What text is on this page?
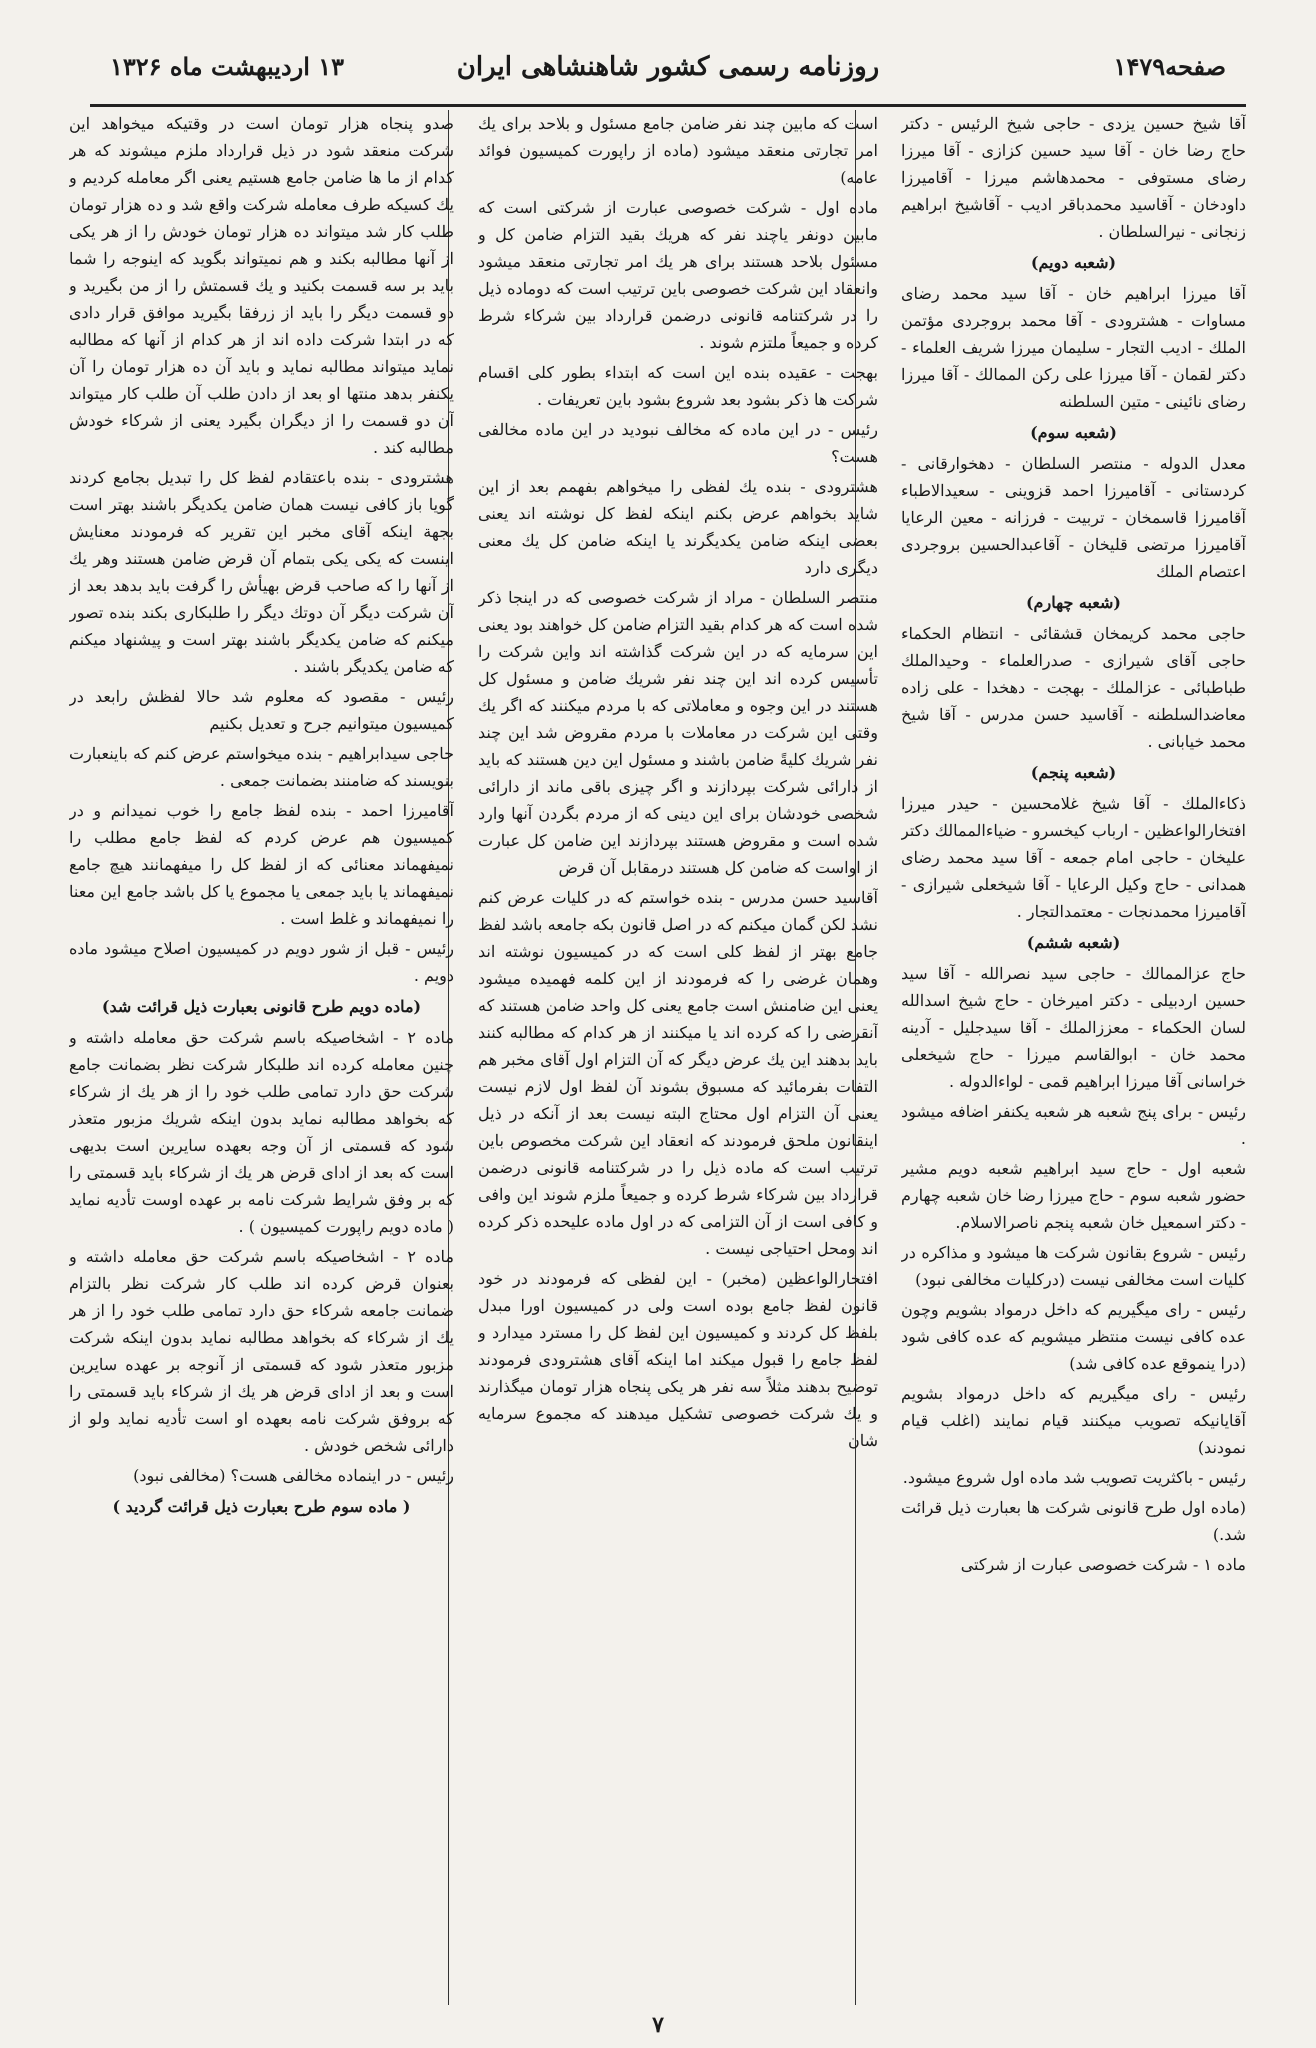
صفحه۱۴۷۹
روزنامه رسمی کشور شاهنشاهی ایران
۱۳ اردیبهشت ماه ۱۳۲۶

آقا شیخ حسین یزدی - حاجی شیخ الرئیس - دکتر حاج رضا خان - آقا سید حسین کزازی - آقا میرزا رضای مستوفی - محمدهاشم میرزا - آقامیرزا داودخان - آقاسید محمدباقر ادیب - آقاشیخ ابراهیم زنجانی - نیرالسلطان .

(شعبه دویم)

آقا میرزا ابراهیم خان - آقا سید محمد رضای مساوات - هشترودی - آقا محمد بروجردی مؤتمن الملك - ادیب التجار - سلیمان میرزا شریف العلماء - دکتر لقمان - آقا میرزا علی رکن الممالك - آقا میرزا رضای نائینی - متین السلطنه

(شعبه سوم)

معدل الدوله - منتصر السلطان - دهخوارقانی - کردستانی - آقامیرزا احمد قزوینی - سعیدالاطباء آقامیرزا قاسمخان - تربیت - فرزانه - معین الرعایا آقامیرزا مرتضی قلیخان - آقاعبدالحسین بروجردی اعتصام الملك

(شعبه چهارم)

حاجی محمد کریمخان قشقائی - انتظام الحکماء حاجی آقای شیرازی - صدرالعلماء - وحیدالملك طباطبائی - عزالملك - بهجت - دهخدا - علی زاده معاضدالسلطنه - آقاسید حسن مدرس - آقا شیخ محمد خیابانی .

(شعبه پنجم)

ذکاءالملك - آقا شیخ غلامحسین - حیدر میرزا افتخارالواعظین - ارباب کیخسرو - ضیاءالممالك دکتر علیخان - حاجی امام جمعه - آقا سید محمد رضای همدانی - حاج وکیل الرعایا - آقا شیخعلی شیرازی - آقامیرزا محمدنجات - معتمدالتجار .

(شعبه ششم)

حاج عزالممالك - حاجی سید نصرالله - آقا سید حسین اردبیلی - دکتر امیرخان - حاج شیخ اسدالله لسان الحکماء - معززالملك - آقا سیدجلیل - آدینه محمد خان - ابوالقاسم میرزا - حاج شیخعلی خراسانی آقا میرزا ابراهیم قمی - لواءالدوله .

رئیس - برای پنج شعبه هر شعبه یکنفر اضافه میشود .

شعبه اول - حاج سید ابراهیم شعبه دویم مشیر حضور شعبه سوم - حاج میرزا رضا خان شعبه چهارم - دکتر اسمعیل خان شعبه پنجم ناصرالاسلام.

رئیس - شروع بقانون شرکت ها میشود و مذاکره در کلیات است مخالفی نیست (درکلیات مخالفی نبود)

رئیس - رای میگیریم که داخل درمواد بشویم وچون عده کافی نیست منتظر میشویم که عده کافی شود (درا ینموقع عده کافی شد)

رئیس - رای میگیریم که داخل درمواد بشویم آقایانیکه تصویب میکنند قیام نمایند (اغلب قیام نمودند)

رئیس - باکثریت تصویب شد ماده اول شروع میشود.

(ماده اول طرح قانونی شرکت ها بعبارت ذیل قرائت شد.)

ماده ۱ - شرکت خصوصی عبارت از شرکتی

است که مابین چند نفر ضامن جامع مسئول و بلاحد برای یك امر تجارتی منعقد میشود (ماده از راپورت کمیسیون فوائد عامه)

ماده اول - شرکت خصوصی عبارت از شرکتی است که مابین دونفر یاچند نفر که هریك بقید التزام ضامن کل و مسئول بلاحد هستند برای هر یك امر تجارتی منعقد میشود وانعقاد این شرکت خصوصی باین ترتیب است که دوماده ذیل را در شرکتنامه قانونی درضمن قرارداد بین شرکاء شرط کرده و جمیعاً ملتزم شوند .

بهجت - عقیده بنده این است که ابتداء بطور کلی اقسام شرکت ها ذکر بشود بعد شروع بشود باین تعریفات .

رئیس - در این ماده که مخالف نبودید در این ماده مخالفی هست؟

هشترودی - بنده یك لفظی را میخواهم بفهمم بعد از این شاید بخواهم عرض بکنم اینکه لفظ کل نوشته اند یعنی بعضی اینکه ضامن یکدیگرند یا اینکه ضامن کل یك معنی دیگری دارد

منتصر السلطان - مراد از شرکت خصوصی که در اینجا ذکر شده است که هر کدام بقید التزام ضامن کل خواهند بود یعنی این سرمایه که در این شرکت گذاشته اند واین شرکت را تأسیس کرده اند این چند نفر شریك ضامن و مسئول کل هستند در این وجوه و معاملاتی که با مردم میکنند که اگر یك وقتی این شرکت در معاملات با مردم مقروض شد این چند نفر شریك کلیةً ضامن باشند و مسئول این دین هستند که باید از دارائی شرکت بپردازند و اگر چیزی باقی ماند از دارائی شخصی خودشان برای این دینی که از مردم بگردن آنها وارد شده است و مقروض هستند بپردازند این ضامن کل عبارت از اواست که ضامن کل هستند درمقابل آن قرض

آقاسید حسن مدرس - بنده خواستم که در کلیات عرض کنم نشد لکن گمان میکنم که در اصل قانون بکه جامعه باشد لفظ جامع بهتر از لفظ کلی است که در کمیسیون نوشته اند وهمان غرضی را که فرمودند از این کلمه فهمیده میشود یعنی این ضامنش است جامع یعنی کل واحد ضامن هستند که آنقرضی را که کرده اند یا میکنند از هر کدام که مطالبه کنند باید بدهند این یك عرض دیگر که آن التزام اول آقای مخبر هم التفات بفرمائید که مسبوق بشوند آن لفظ اول لازم نیست یعنی آن التزام اول محتاج البته نیست بعد از آنکه در ذیل اینقانون ملحق فرمودند که انعقاد این شرکت مخصوص باین ترتیب است که ماده ذیل را در شرکتنامه قانونی درضمن قرارداد بین شرکاء شرط کرده و جمیعاً ملزم شوند این وافی و کافی است از آن التزامی که در اول ماده علیحده ذکر کرده اند ومحل احتیاجی نیست .

افتخارالواعظین (مخبر) - این لفظی که فرمودند در خود قانون لفظ جامع بوده است ولی در کمیسیون اورا مبدل بلفظ کل کردند و کمیسیون این لفظ کل را مسترد میدارد و لفظ جامع را قبول میکند اما اینکه آقای هشترودی فرمودند توضیح بدهند مثلاً سه نفر هر یکی پنجاه هزار تومان میگذارند و یك شرکت خصوصی تشکیل میدهند که مجموع سرمایه شان

صدو پنجاه هزار تومان است در وقتیکه میخواهد این شرکت منعقد شود در ذیل قرارداد ملزم میشوند که هر کدام از ما ها ضامن جامع هستیم یعنی اگر معامله کردیم و یك کسیکه طرف معامله شرکت واقع شد و ده هزار تومان طلب کار شد میتواند ده هزار تومان خودش را از هر یکی از آنها مطالبه بکند و هم نمیتواند بگوید که اینوجه را شما باید بر سه قسمت بکنید و یك قسمتش را از من بگیرید و دو قسمت دیگر را باید از زرفقا بگیرید موافق قرار دادی که در ابتدا شرکت داده اند از هر کدام از آنها که مطالبه نماید میتواند مطالبه نماید و باید آن ده هزار تومان را آن یکنفر بدهد منتها او بعد از دادن طلب آن طلب کار میتواند آن دو قسمت را از دیگران بگیرد یعنی از شرکاء خودش مطالبه کند .

هشترودی - بنده باعتقادم لفظ کل را تبدیل بجامع کردند گویا باز کافی نیست همان ضامن یکدیگر باشند بهتر است بجهة اینکه آقای مخبر این تقریر که فرمودند معنایش اینست که یکی یکی بتمام آن قرض ضامن هستند وهر یك از آنها را که صاحب قرض بهیأش را گرفت باید بدهد بعد از آن شرکت دیگر آن دوتك دیگر را طلبکاری بکند بنده تصور میکنم که ضامن یکدیگر باشند بهتر است و پیشنهاد میکنم که ضامن یکدیگر باشند .

رئیس - مقصود که معلوم شد حالا لفظش رابعد در کمیسیون میتوانیم جرح و تعدیل بکنیم

حاجی سیدابراهیم - بنده میخواستم عرض کنم که باینعبارت بنویسند که ضامنند بضمانت جمعی .

آقامیرزا احمد - بنده لفظ جامع را خوب نمیدانم و در کمیسیون هم عرض کردم که لفظ جامع مطلب را نمیفهماند معنائی که از لفظ کل را میفهمانند هیچ جامع نمیفهماند یا باید جمعی یا مجموع یا کل باشد جامع این معنا را نمیفهماند و غلط است .

رئیس - قبل از شور دویم در کمیسیون اصلاح میشود ماده دویم .

(ماده دویم طرح قانونی بعبارت ذیل قرائت شد)

ماده ۲ - اشخاصیکه باسم شرکت حق معامله داشته و چنین معامله کرده اند طلبکار شرکت نظر بضمانت جامع شرکت حق دارد تمامی طلب خود را از هر یك از شرکاء که بخواهد مطالبه نماید بدون اینکه شریك مزبور متعذر شود که قسمتی از آن وجه بعهده سایرین است بدیهی است که بعد از ادای قرض هر یك از شرکاء باید قسمتی را که بر وفق شرایط شرکت نامه بر عهده اوست تأدیه نماید ( ماده دویم راپورت کمیسیون ) .

ماده ۲ - اشخاصیکه باسم شرکت حق معامله داشته و بعنوان قرض کرده اند طلب کار شرکت نظر بالتزام ضمانت جامعه شرکاء حق دارد تمامی طلب خود را از هر یك از شرکاء که بخواهد مطالبه نماید بدون اینکه شرکت مزبور متعذر شود که قسمتی از آنوجه بر عهده سایرین است و بعد از ادای قرض هر یك از شرکاء باید قسمتی را که بروفق شرکت نامه بعهده او است تأدیه نماید ولو از دارائی شخص خودش .

رئیس - در اینماده مخالفی هست؟ (مخالفی نبود)

( ماده سوم طرح بعبارت ذیل قرائت گردید )

۷
